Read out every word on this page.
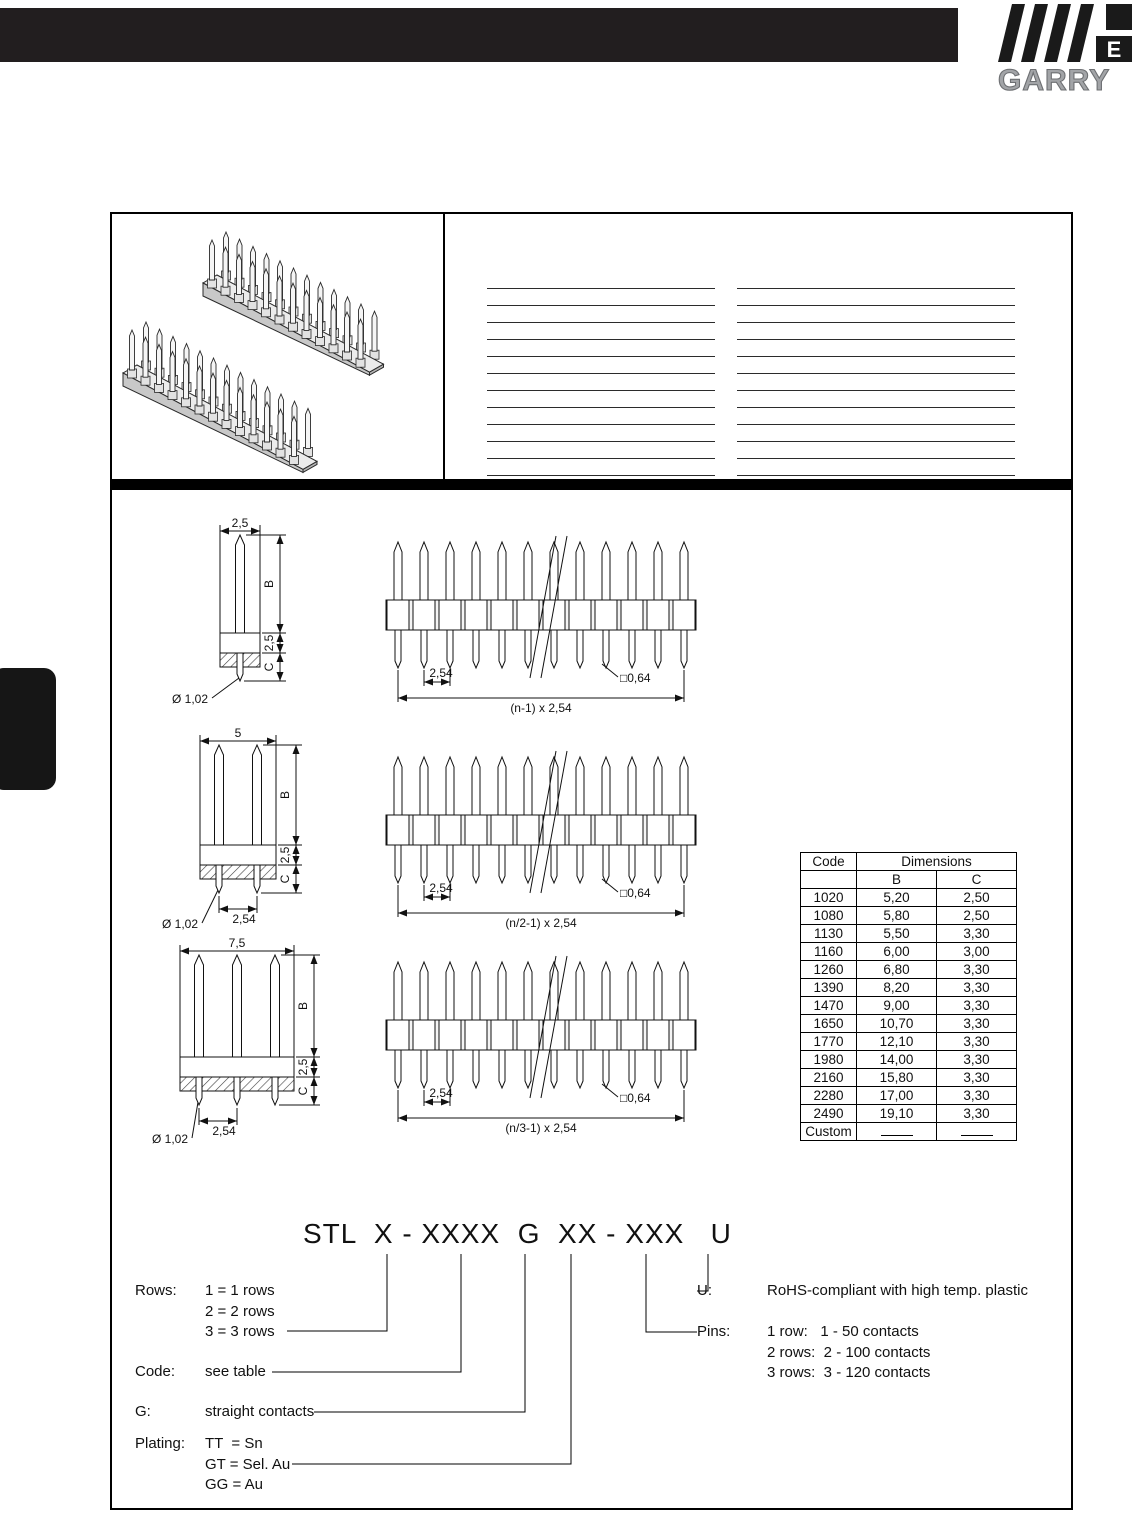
E
GARRY
2,5
B
2,5
C
Ø 1,02
2,54	□0,64
(n-1) x 2,54
5
B
2,5
C
Ø 1,02	2,54
2,54	□0,64
(n/2-1) x 2,54
7,5
B
2,5
C
Ø 1,02
2,54
2,54	□0,64
(n/3-1) x 2,54
Code	Dimensions	
	B	C
1020	5,20	2,50
1080	5,80	2,50
1130	5,50	3,30
1160	6,00	3,00
1260	6,80	3,30
1390	8,20	3,30
1470	9,00	3,30
1650	10,70	3,30
1770	12,10	3,30
1980	14,00	3,30
2160	15,80	3,30
2280	17,00	3,30
2490	19,10	3,30
Custom		
STL  X - XXXX  G  XX - XXX   U
Rows:	1 = 1 rows
2 = 2 rows
3 = 3 rows
Code:	see table
G:	straight contacts
Plating:	TT  = Sn
GT = Sel. Au
GG = Au
U:	RoHS-compliant with high temp. plastic
Pins:	1 row:   1 - 50 contacts
2 rows:  2 - 100 contacts
3 rows:  3 - 120 contacts
